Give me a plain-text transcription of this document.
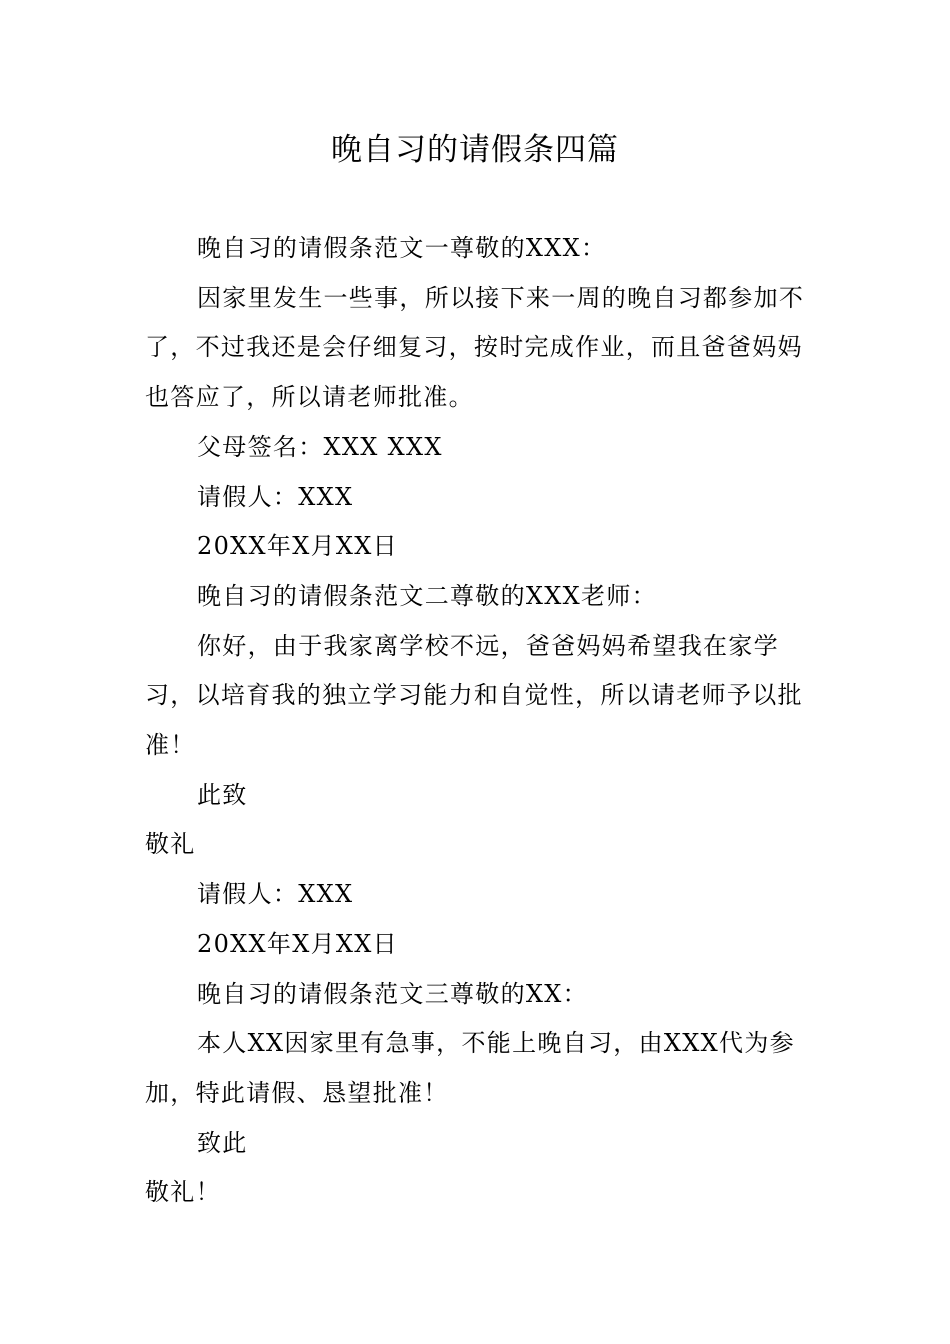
晚自习的请假条四篇

晚自习的请假条范文一尊敬的XXX：

因家里发生一些事，所以接下来一周的晚自习都参加不了，不过我还是会仔细复习，按时完成作业，而且爸爸妈妈也答应了，所以请老师批准。

父母签名：XXX XXX

请假人：XXX

20XX年X月XX日

晚自习的请假条范文二尊敬的XXX老师：

你好，由于我家离学校不远，爸爸妈妈希望我在家学习，以培育我的独立学习能力和自觉性，所以请老师予以批准！

此致

敬礼

请假人：XXX

20XX年X月XX日

晚自习的请假条范文三尊敬的XX：

本人XX因家里有急事，不能上晚自习，由XXX代为参加，特此请假、恳望批准！

致此

敬礼！
